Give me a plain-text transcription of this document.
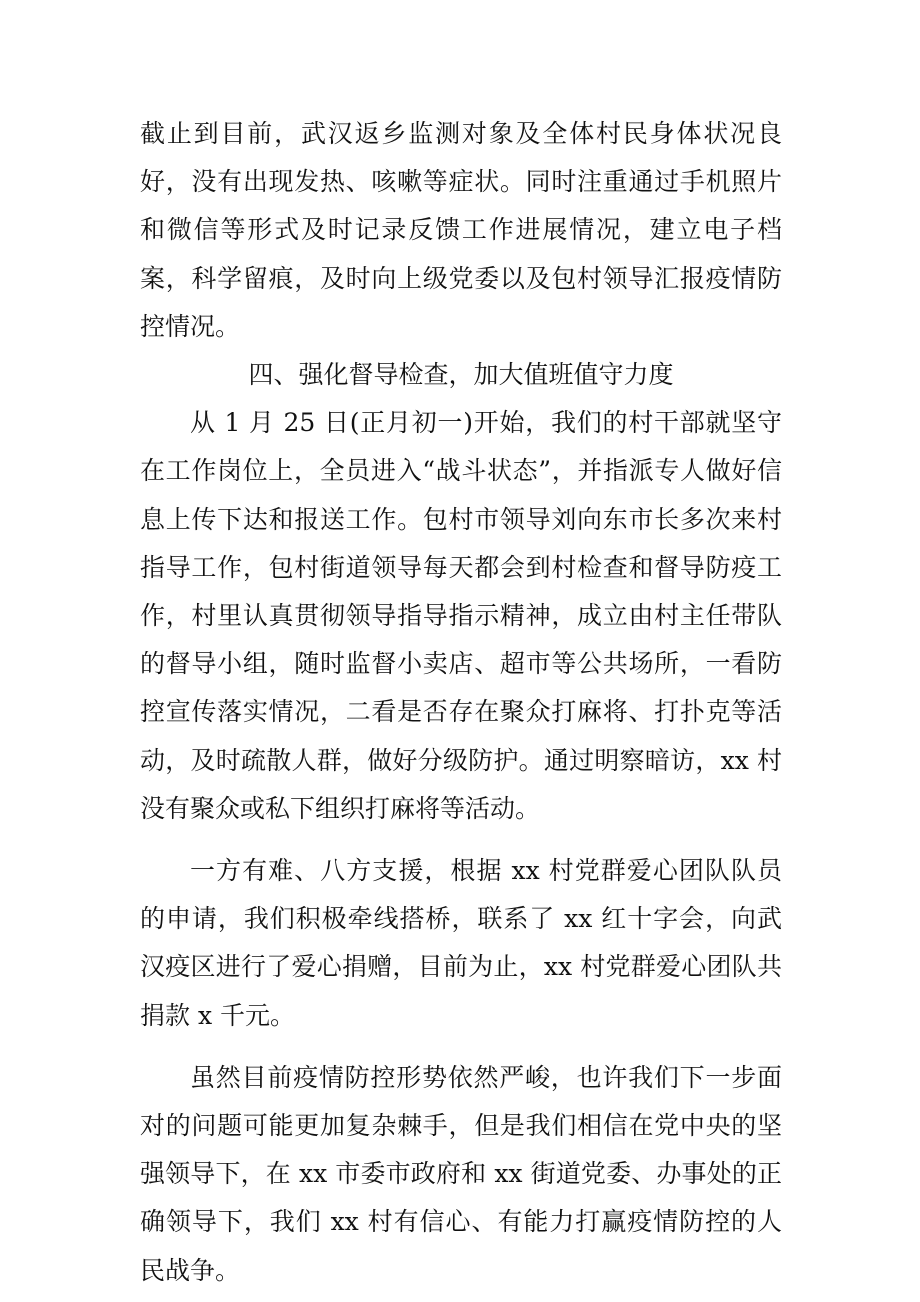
截止到目前，武汉返乡监测对象及全体村民身体状况良好，没有出现发热、咳嗽等症状。同时注重通过手机照片和微信等形式及时记录反馈工作进展情况，建立电子档案，科学留痕，及时向上级党委以及包村领导汇报疫情防控情况。

四、强化督导检查，加大值班值守力度

从 1 月 25 日(正月初一)开始，我们的村干部就坚守在工作岗位上，全员进入“战斗状态”，并指派专人做好信息上传下达和报送工作。包村市领导刘向东市长多次来村指导工作，包村街道领导每天都会到村检查和督导防疫工作，村里认真贯彻领导指导指示精神，成立由村主任带队的督导小组，随时监督小卖店、超市等公共场所，一看防控宣传落实情况，二看是否存在聚众打麻将、打扑克等活动，及时疏散人群，做好分级防护。通过明察暗访，xx 村没有聚众或私下组织打麻将等活动。

一方有难、八方支援，根据 xx 村党群爱心团队队员的申请，我们积极牵线搭桥，联系了 xx 红十字会，向武汉疫区进行了爱心捐赠，目前为止，xx 村党群爱心团队共捐款 x 千元。

虽然目前疫情防控形势依然严峻，也许我们下一步面对的问题可能更加复杂棘手，但是我们相信在党中央的坚强领导下，在 xx 市委市政府和 xx 街道党委、办事处的正确领导下，我们 xx 村有信心、有能力打赢疫情防控的人民战争。
